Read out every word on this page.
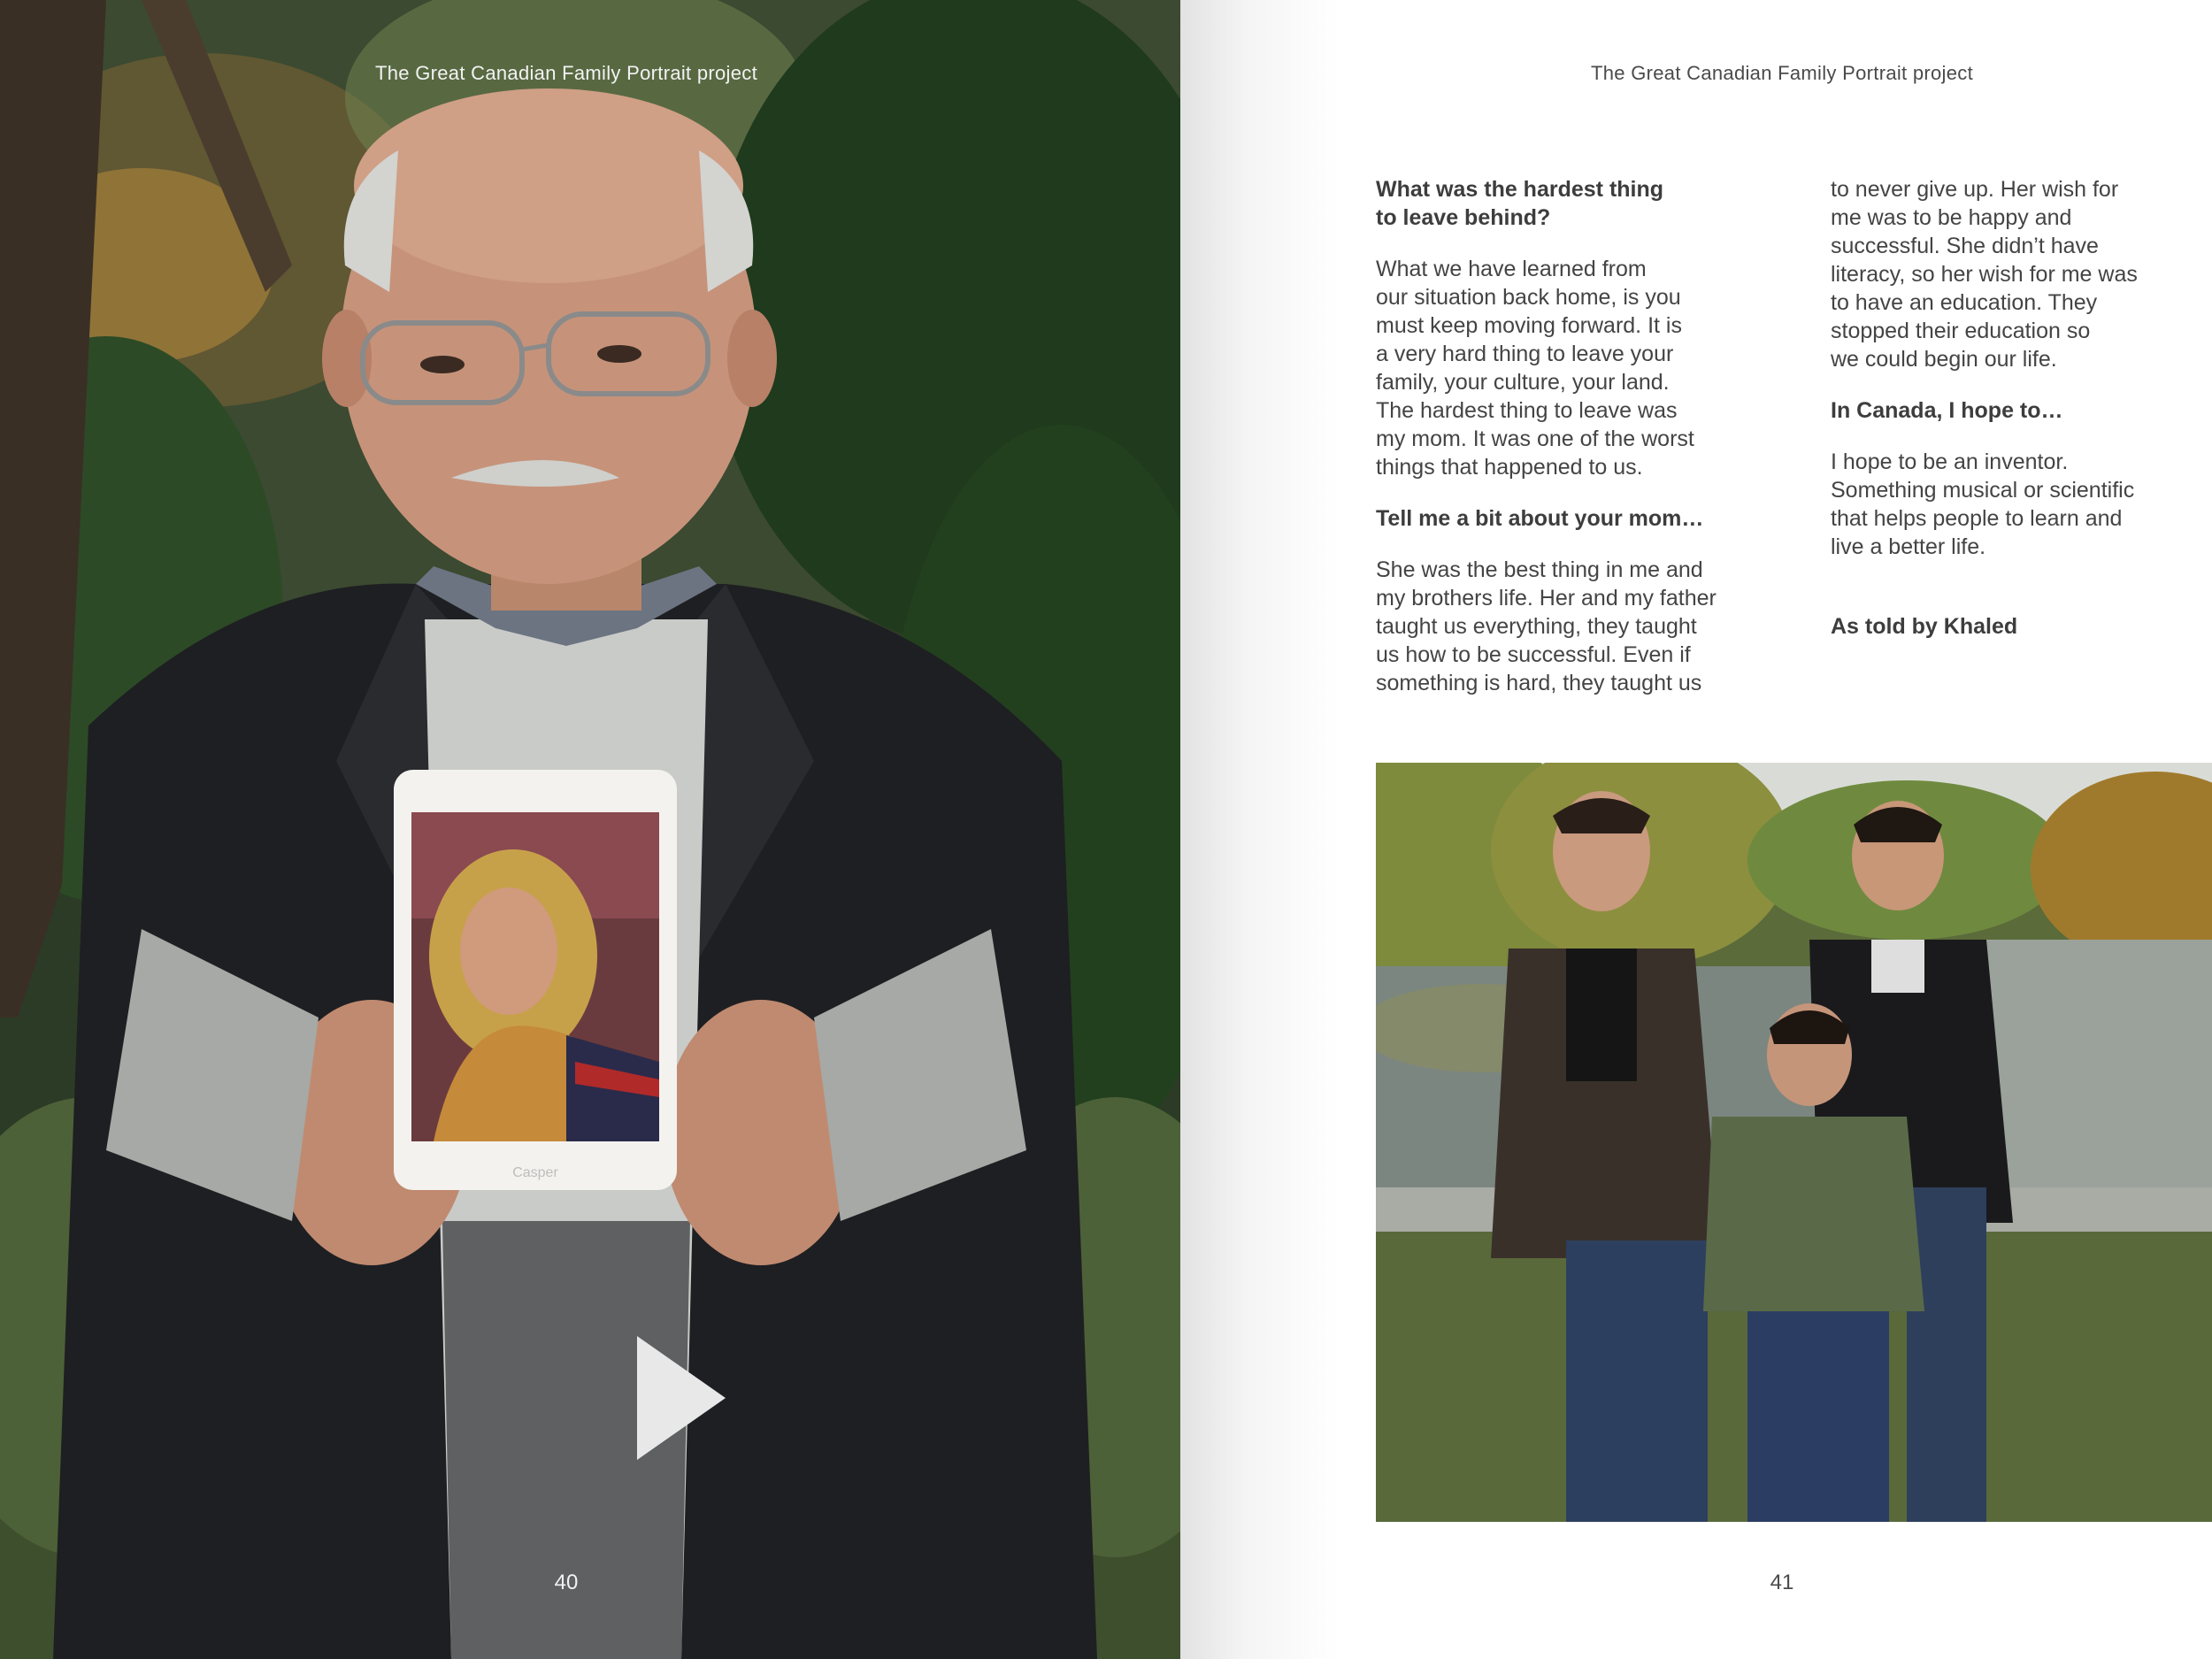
Casper
The Great Canadian Family Portrait project
40
The Great Canadian Family Portrait project

What was the hardest thing
to leave behind?

What we have learned from
our situation back home, is you
must keep moving forward. It is
a very hard thing to leave your
family, your culture, your land.
The hardest thing to leave was
my mom. It was one of the worst
things that happened to us.

Tell me a bit about your mom…

She was the best thing in me and
my brothers life. Her and my father
taught us everything, they taught
us how to be successful. Even if
something is hard, they taught us

to never give up. Her wish for
me was to be happy and
successful. She didn’t have
literacy, so her wish for me was
to have an education. They
stopped their education so
we could begin our life.

In Canada, I hope to…

I hope to be an inventor.
Something musical or scientific
that helps people to learn and
live a better life.

As told by Khaled

41
